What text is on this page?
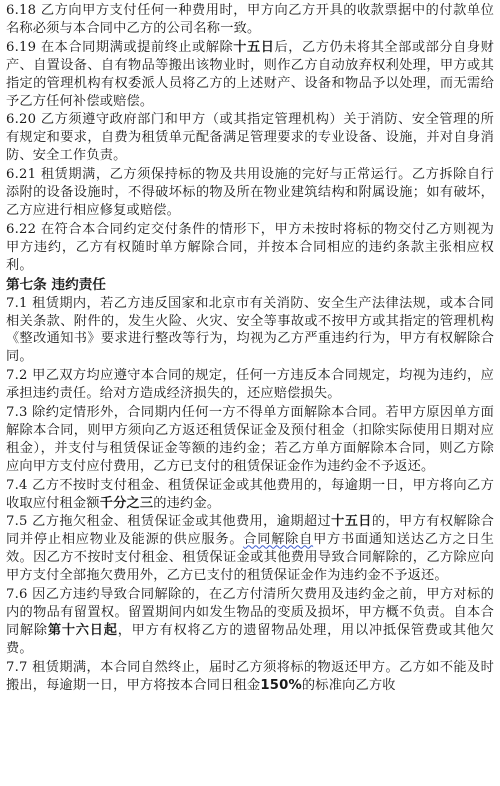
6.18 乙方向甲方支付任何一种费用时，甲方向乙方开具的收款票据中的付款单位名称必须与本合同中乙方的公司名称一致。

6.19 在本合同期满或提前终止或解除十五日后，乙方仍未将其全部或部分自身财产、自置设备、自有物品等搬出该物业时，则作乙方自动放弃权利处理，甲方或其指定的管理机构有权委派人员将乙方的上述财产、设备和物品予以处理，而无需给予乙方任何补偿或赔偿。

6.20 乙方须遵守政府部门和甲方（或其指定管理机构）关于消防、安全管理的所有规定和要求，自费为租赁单元配备满足管理要求的专业设备、设施，并对自身消防、安全工作负责。

6.21 租赁期满，乙方须保持标的物及共用设施的完好与正常运行。乙方拆除自行添附的设备设施时，不得破坏标的物及所在物业建筑结构和附属设施；如有破坏，乙方应进行相应修复或赔偿。

6.22 在符合本合同约定交付条件的情形下，甲方未按时将标的物交付乙方则视为甲方违约，乙方有权随时单方解除合同，并按本合同相应的违约条款主张相应权利。

第七条 违约责任

7.1 租赁期内，若乙方违反国家和北京市有关消防、安全生产法律法规，或本合同相关条款、附件的，发生火险、火灾、安全等事故或不按甲方或其指定的管理机构《整改通知书》要求进行整改等行为，均视为乙方严重违约行为，甲方有权解除合同。

7.2 甲乙双方均应遵守本合同的规定，任何一方违反本合同规定，均视为违约，应承担违约责任。给对方造成经济损失的，还应赔偿损失。

7.3 除约定情形外，合同期内任何一方不得单方面解除本合同。若甲方原因单方面解除本合同，则甲方须向乙方返还租赁保证金及预付租金（扣除实际使用日期对应租金），并支付与租赁保证金等额的违约金；若乙方单方面解除本合同，则乙方除应向甲方支付应付费用，乙方已支付的租赁保证金作为违约金不予返还。

7.4 乙方不按时支付租金、租赁保证金或其他费用的，每逾期一日，甲方将向乙方收取应付租金额千分之三的违约金。

7.5 乙方拖欠租金、租赁保证金或其他费用，逾期超过十五日的，甲方有权解除合同并停止相应物业及能源的供应服务。合同解除自甲方书面通知送达乙方之日生效。因乙方不按时支付租金、租赁保证金或其他费用导致合同解除的，乙方除应向甲方支付全部拖欠费用外，乙方已支付的租赁保证金作为违约金不予返还。

7.6 因乙方违约导致合同解除的，在乙方付清所欠费用及违约金之前，甲方对标的内的物品有留置权。留置期间内如发生物品的变质及损坏，甲方概不负责。自本合同解除第十六日起，甲方有权将乙方的遗留物品处理，用以冲抵保管费或其他欠费。

7.7 租赁期满，本合同自然终止，届时乙方须将标的物返还甲方。乙方如不能及时搬出，每逾期一日，甲方将按本合同日租金150%的标准向乙方收
